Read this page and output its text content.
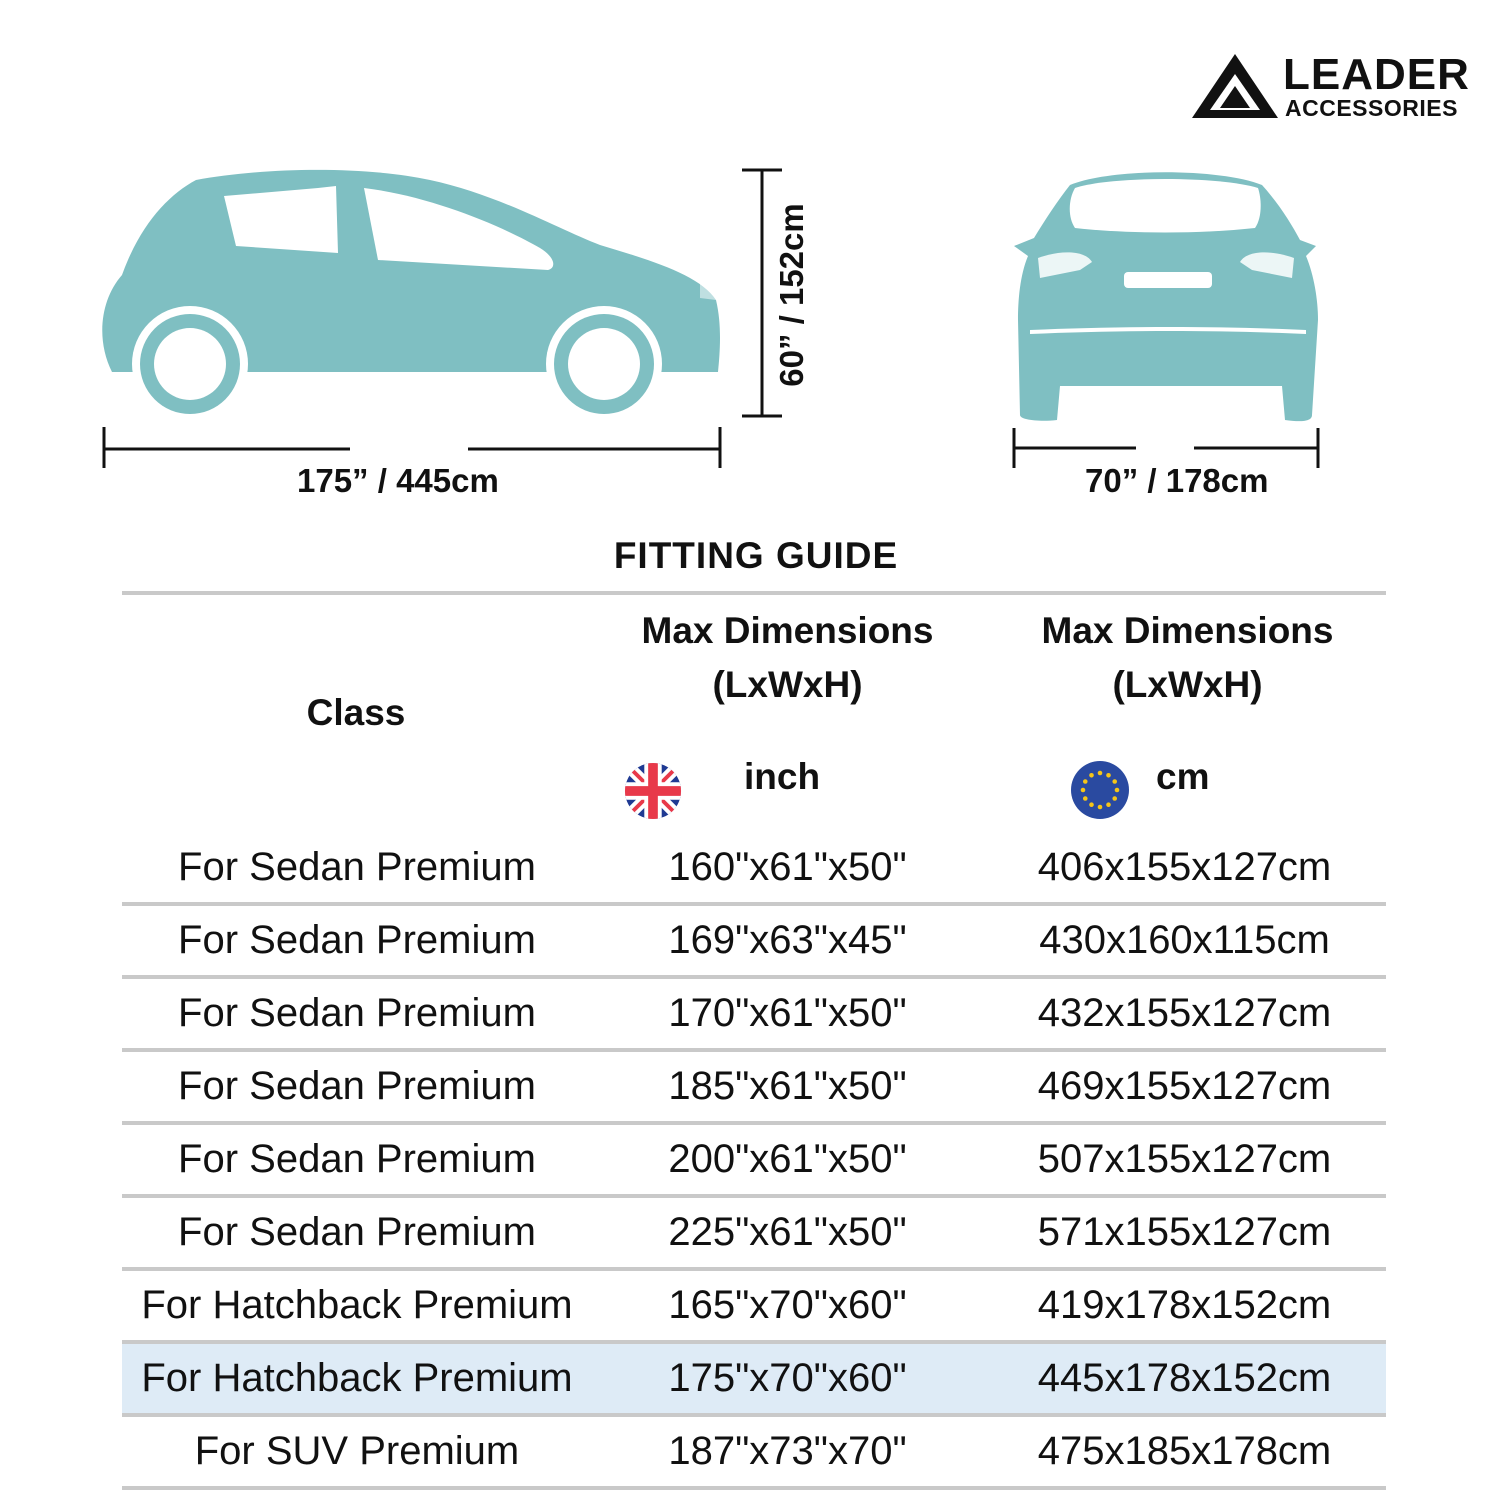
LEADER
ACCESSORIES
175” / 445cm
60” / 152cm
70” / 178cm
FITTING GUIDE
Class
Max Dimensions
(LxWxH)
Max Dimensions
(LxWxH)
inch	cm
For Sedan Premium	160"x61"x50"	406x155x127cm
For Sedan Premium	169"x63"x45"	430x160x115cm
For Sedan Premium	170"x61"x50"	432x155x127cm
For Sedan Premium	185"x61"x50"	469x155x127cm
For Sedan Premium	200"x61"x50"	507x155x127cm
For Sedan Premium	225"x61"x50"	571x155x127cm
For Hatchback Premium	165"x70"x60"	419x178x152cm
For Hatchback Premium	175"x70"x60"	445x178x152cm
For SUV Premium	187"x73"x70"	475x185x178cm
